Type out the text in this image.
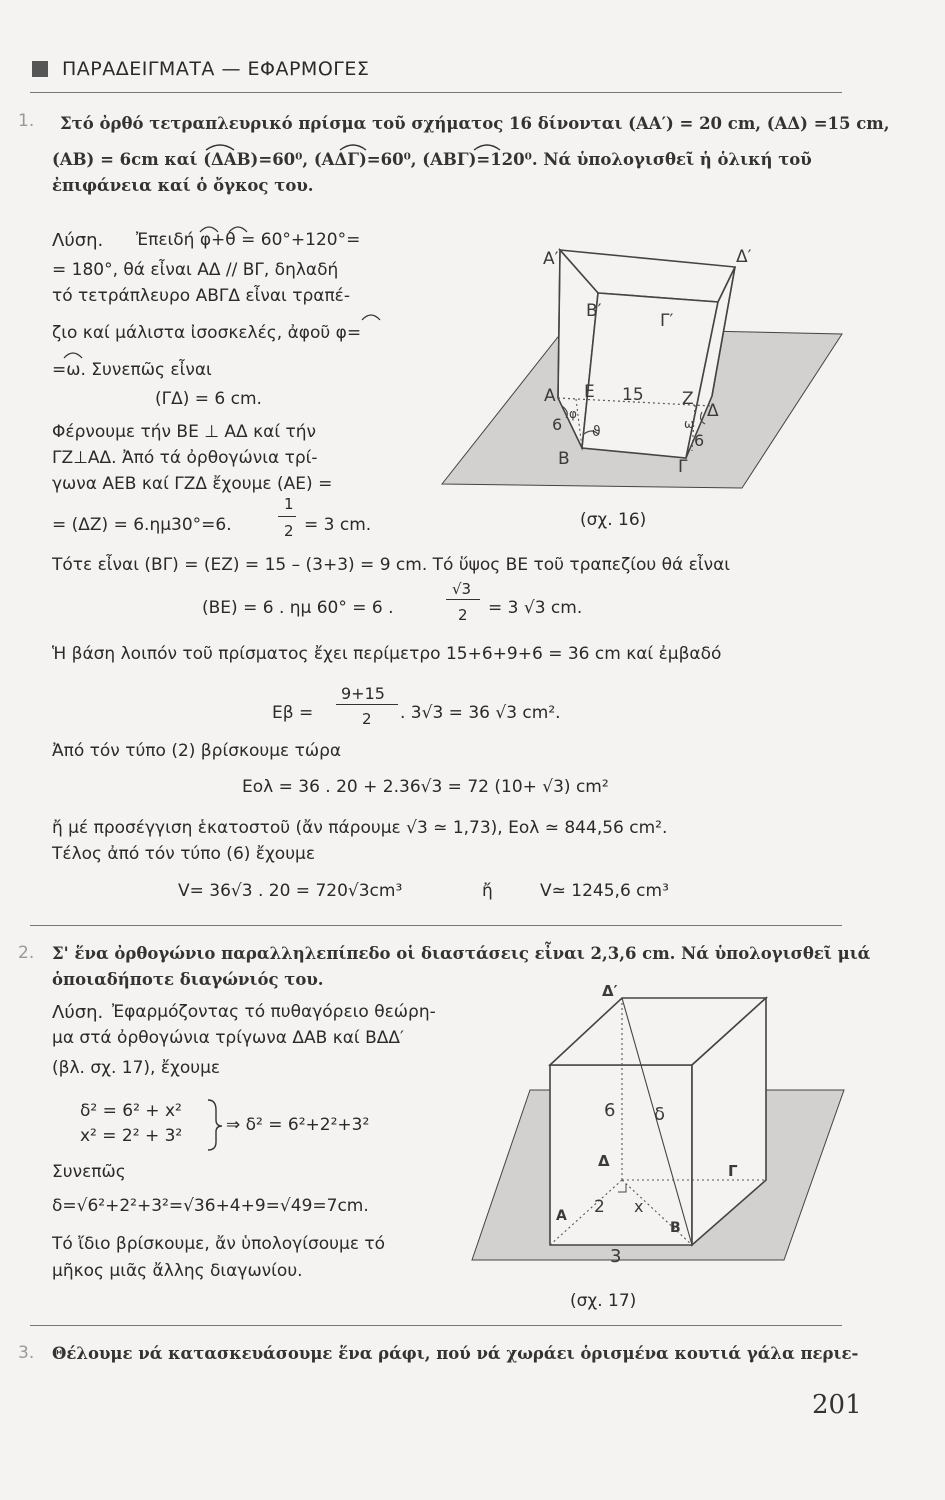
ΠΑΡΑΔΕΙΓΜΑΤΑ — ΕΦΑΡΜΟΓΕΣ
1. Στό ὀρθό τετραπλευρικό πρίσμα τοῦ σχήματος 16 δίνονται (ΑΑ′) = 20 cm, (ΑΔ) =15 cm,
(ΑΒ) = 6cm καί (ΔΑΒ)=60⁰, (ΑΔΓ)=60⁰, (ΑΒΓ)=120⁰. Νά ὑπολογισθεῖ ἡ ὁλική τοῦ
ἐπιφάνεια καί ὁ ὄγκος του.
Λύση. Ἐπειδή φ+θ = 60°+120°=
= 180°, θά εἶναι ΑΔ // ΒΓ, δηλαδή
τό τετράπλευρο ΑΒΓΔ εἶναι τραπέ-
ζιο καί μάλιστα ἰσοσκελές, ἀφοῦ φ=
=ω. Συνεπῶς εἶναι
(ΓΔ) = 6 cm.
Φέρνουμε τήν ΒΕ ⊥ ΑΔ καί τήν
ΓΖ⊥ΑΔ. Ἀπό τά ὀρθογώνια τρί-
γωνα ΑΕΒ καί ΓΖΔ ἔχουμε (ΑΕ) =
= (ΔΖ) = 6.ημ30°=6.
1
2 = 3 cm.
Α′	Δ′
Β′	Γ′
Α Ε 15 Ζ
Δ
6
φ
ϑ	ω
6
Β	Γ
(σχ. 16)
Τότε εἶναι (ΒΓ) = (ΕΖ) = 15 – (3+3) = 9 cm. Τό ὕψος ΒΕ τοῦ τραπεζίου θά εἶναι
(ΒΕ) = 6 . ημ 60° = 6 .
√3
2 = 3 √3 cm.
Ἡ βάση λοιπόν τοῦ πρίσματος ἔχει περίμετρο 15+6+9+6 = 36 cm καί ἐμβαδό
Εβ =
9+15
2 . 3√3 = 36 √3 cm².
Ἀπό τόν τύπο (2) βρίσκουμε τώρα
Εολ = 36 . 20 + 2.36√3 = 72 (10+ √3) cm²
ἤ μέ προσέγγιση ἑκατοστοῦ (ἄν πάρουμε √3 ≃ 1,73), Εολ ≃ 844,56 cm².
Τέλος ἀπό τόν τύπο (6) ἔχουμε
V= 36√3 . 20 = 720√3cm³	ἤ	V≃ 1245,6 cm³
2. Σ' ἕνα ὀρθογώνιο παραλληλεπίπεδο οἱ διαστάσεις εἶναι 2,3,6 cm. Νά ὑπολογισθεῖ μιά
ὁποιαδήποτε διαγώνιός του.
Λύση. Ἐφαρμόζοντας τό πυθαγόρειο θεώρη-
μα στά ὀρθογώνια τρίγωνα ΔΑΒ καί ΒΔΔ′
(βλ. σχ. 17), ἔχουμε
δ² = 6² + x²
x² = 2² + 3²
⇒ δ² = 6²+2²+3²
Συνεπῶς
δ=√6²+2²+3²=√36+4+9=√49=7cm.
Τό ἴδιο βρίσκουμε, ἄν ὑπολογίσουμε τό
μῆκος μιᾶς ἄλλης διαγωνίου.
Δ′
6 δ
Δ
Γ
Α 2 x
Β
3
(σχ. 17)
3. Θέλουμε νά κατασκευάσουμε ἕνα ράφι, πού νά χωράει ὁρισμένα κουτιά γάλα περιε-
201
